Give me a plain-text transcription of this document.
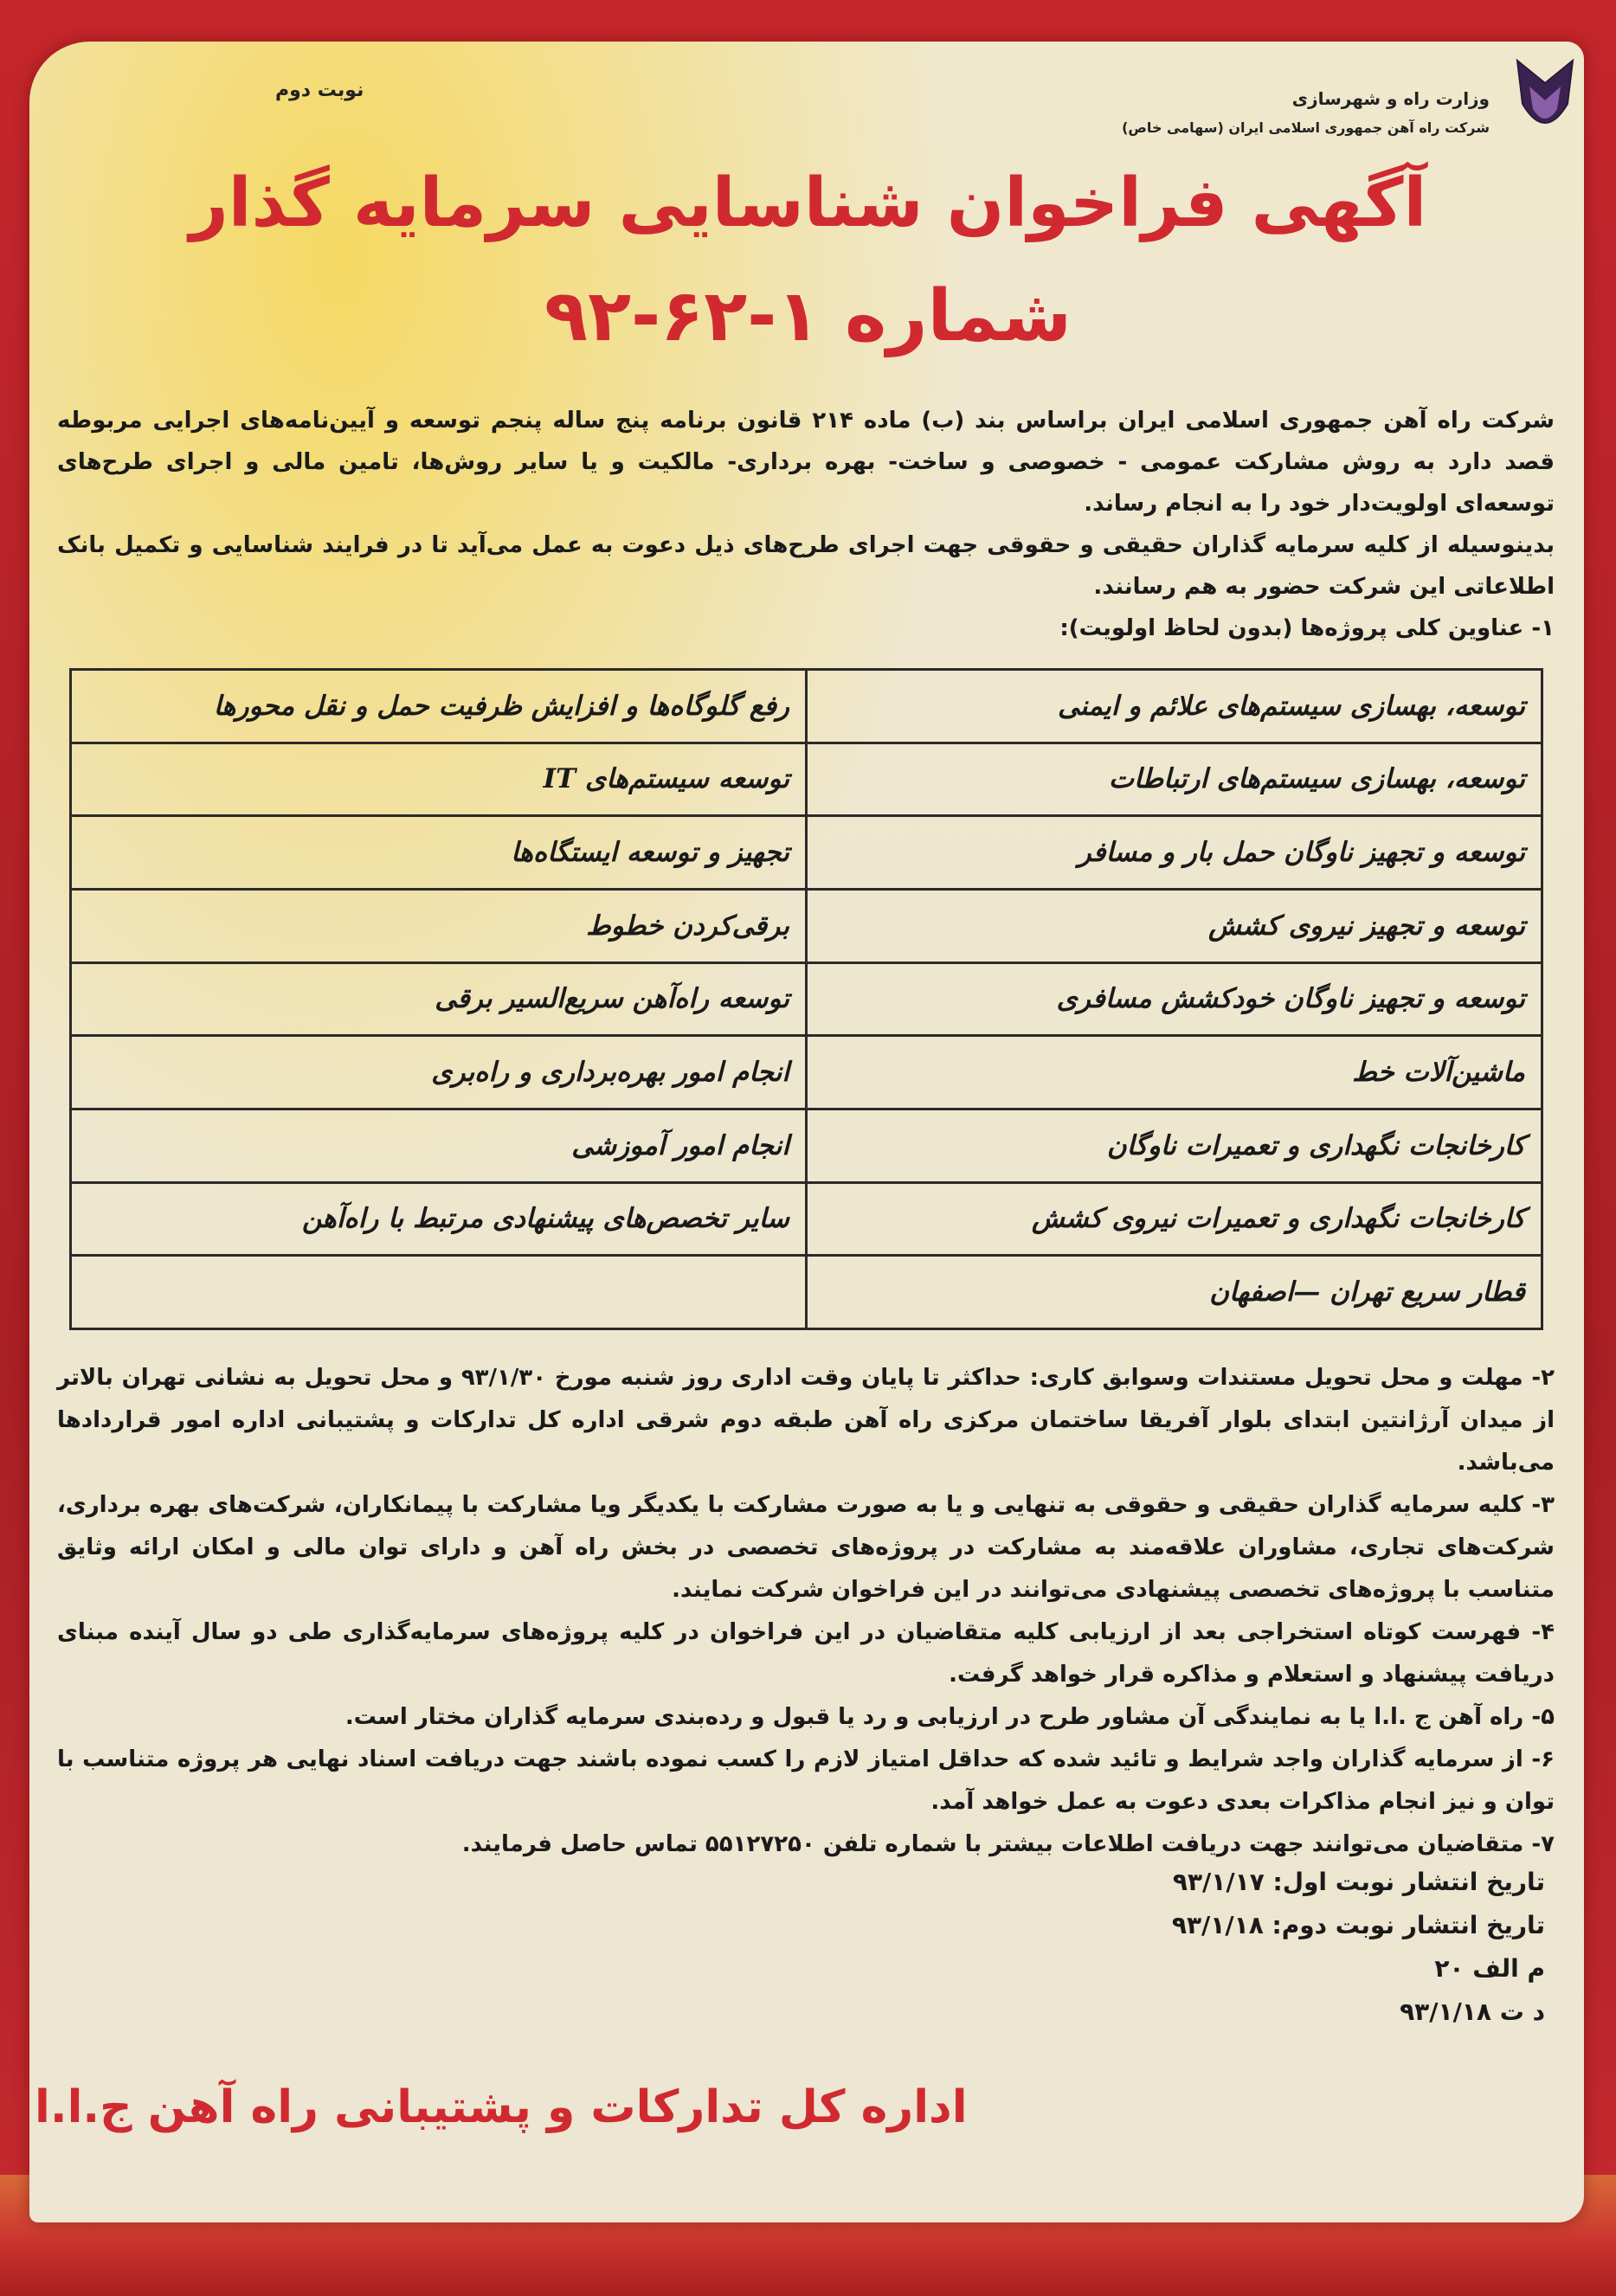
وزارت راه و شهرسازی
شرکت راه آهن جمهوری اسلامی ایران (سهامی خاص)
نوبت دوم
آگهی فراخوان شناسایی سرمایه گذار
شماره ۱-۶۲-۹۲
شرکت راه آهن جمهوری اسلامی ایران براساس بند (ب) ماده ۲۱۴ قانون برنامه پنج ساله پنجم توسعه و آیین‌نامه‌های اجرایی مربوطه قصد دارد به روش مشارکت عمومی - خصوصی و ساخت- بهره برداری- مالکیت و یا سایر روش‌ها، تامین مالی و اجرای طرح‌های توسعه‌ای اولویت‌دار خود را به انجام رساند.
بدینوسیله از کلیه سرمایه گذاران حقیقی و حقوقی جهت اجرای طرح‌های ذیل دعوت به عمل می‌آید تا در فرایند شناسایی و تکمیل بانک اطلاعاتی این شرکت حضور به هم رسانند.
۱- عناوین کلی پروژه‌ها (بدون لحاظ اولویت):
توسعه، بهسازی سیستم‌های علائم و ایمنی	رفع گلوگاه‌ها و افزایش ظرفیت حمل و نقل محورها
توسعه، بهسازی سیستم‌های ارتباطات	توسعه سیستم‌های IT
توسعه و تجهیز ناوگان حمل بار و مسافر	تجهیز و توسعه ایستگاه‌ها
توسعه و تجهیز نیروی کشش	برقی‌کردن خطوط
توسعه و تجهیز ناوگان خودکشش مسافری	توسعه راه‌آهن سریع‌السیر برقی
ماشین‌آلات خط	انجام امور بهره‌برداری و راه‌بری
کارخانجات نگهداری و تعمیرات ناوگان	انجام امور آموزشی
کارخانجات نگهداری و تعمیرات نیروی کشش	سایر تخصص‌های پیشنهادی مرتبط با راه‌آهن
قطار سریع تهران —اصفهان	
۲- مهلت و محل تحویل مستندات وسوابق کاری: حداکثر تا پایان وقت اداری روز شنبه مورخ ۹۳/۱/۳۰ و محل تحویل به نشانی تهران بالاتر از میدان آرژانتین ابتدای بلوار آفریقا ساختمان مرکزی راه آهن طبقه دوم شرقی اداره کل تدارکات و پشتیبانی اداره امور قراردادها می‌باشد.
۳- کلیه سرمایه گذاران حقیقی و حقوقی به تنهایی و یا به صورت مشارکت با یکدیگر ویا مشارکت با پیمانکاران، شرکت‌های بهره برداری، شرکت‌های تجاری، مشاوران علاقه‌مند به مشارکت در پروژه‌های تخصصی در بخش راه آهن و دارای توان مالی و امکان ارائه وثایق متناسب با پروژه‌های تخصصی پیشنهادی می‌توانند در این فراخوان شرکت نمایند.
۴- فهرست کوتاه استخراجی بعد از ارزیابی کلیه متقاضیان در این فراخوان در کلیه پروژه‌های سرمایه‌گذاری طی دو سال آینده مبنای دریافت پیشنهاد و استعلام و مذاکره قرار خواهد گرفت.
۵- راه آهن ج .ا.ا یا به نمایندگی آن مشاور طرح در ارزیابی و رد یا قبول و رده‌بندی سرمایه گذاران مختار است.
۶- از سرمایه گذاران واجد شرایط و تائید شده که حداقل امتیاز لازم را کسب نموده باشند جهت دریافت اسناد نهایی هر پروژه متناسب با توان و نیز انجام مذاکرات بعدی دعوت به عمل خواهد آمد.
۷- متقاضیان می‌توانند جهت دریافت اطلاعات بیشتر با شماره تلفن ۵۵۱۲۷۲۵۰ تماس حاصل فرمایند.
تاریخ انتشار نوبت اول: ۹۳/۱/۱۷
تاریخ انتشار نوبت دوم: ۹۳/۱/۱۸
م الف ۲۰
د ت ۹۳/۱/۱۸
اداره کل تدارکات و پشتیبانی راه آهن ج.ا.ا
